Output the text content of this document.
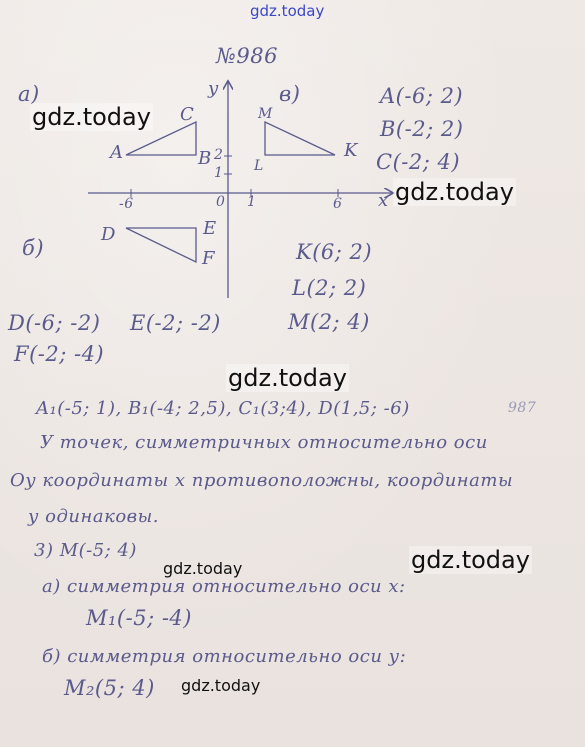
gdz.today
№986
a)	в)
б)
y
x
-6	0 1	6
1
2
A	B
C
D	E
F
K
L
M
A(-6; 2)
B(-2; 2)
C(-2; 4)
K(6; 2)
L(2; 2)
M(2; 4)
D(-6; -2) E(-2; -2)
F(-2; -4)
A₁(-5; 1), B₁(-4; 2,5), C₁(3;4), D(1,5; -6)	987
У точек, симметричных относительно оси
Оу координаты х противоположны, координаты
у одинаковы.
3) M(-5; 4)
а) симметрия относительно оси х:
M₁(-5; -4)
б) симметрия относительно оси у:
M₂(5; 4)
gdz.today
gdz.today
gdz.today
gdz.today
gdz.today
gdz.today
